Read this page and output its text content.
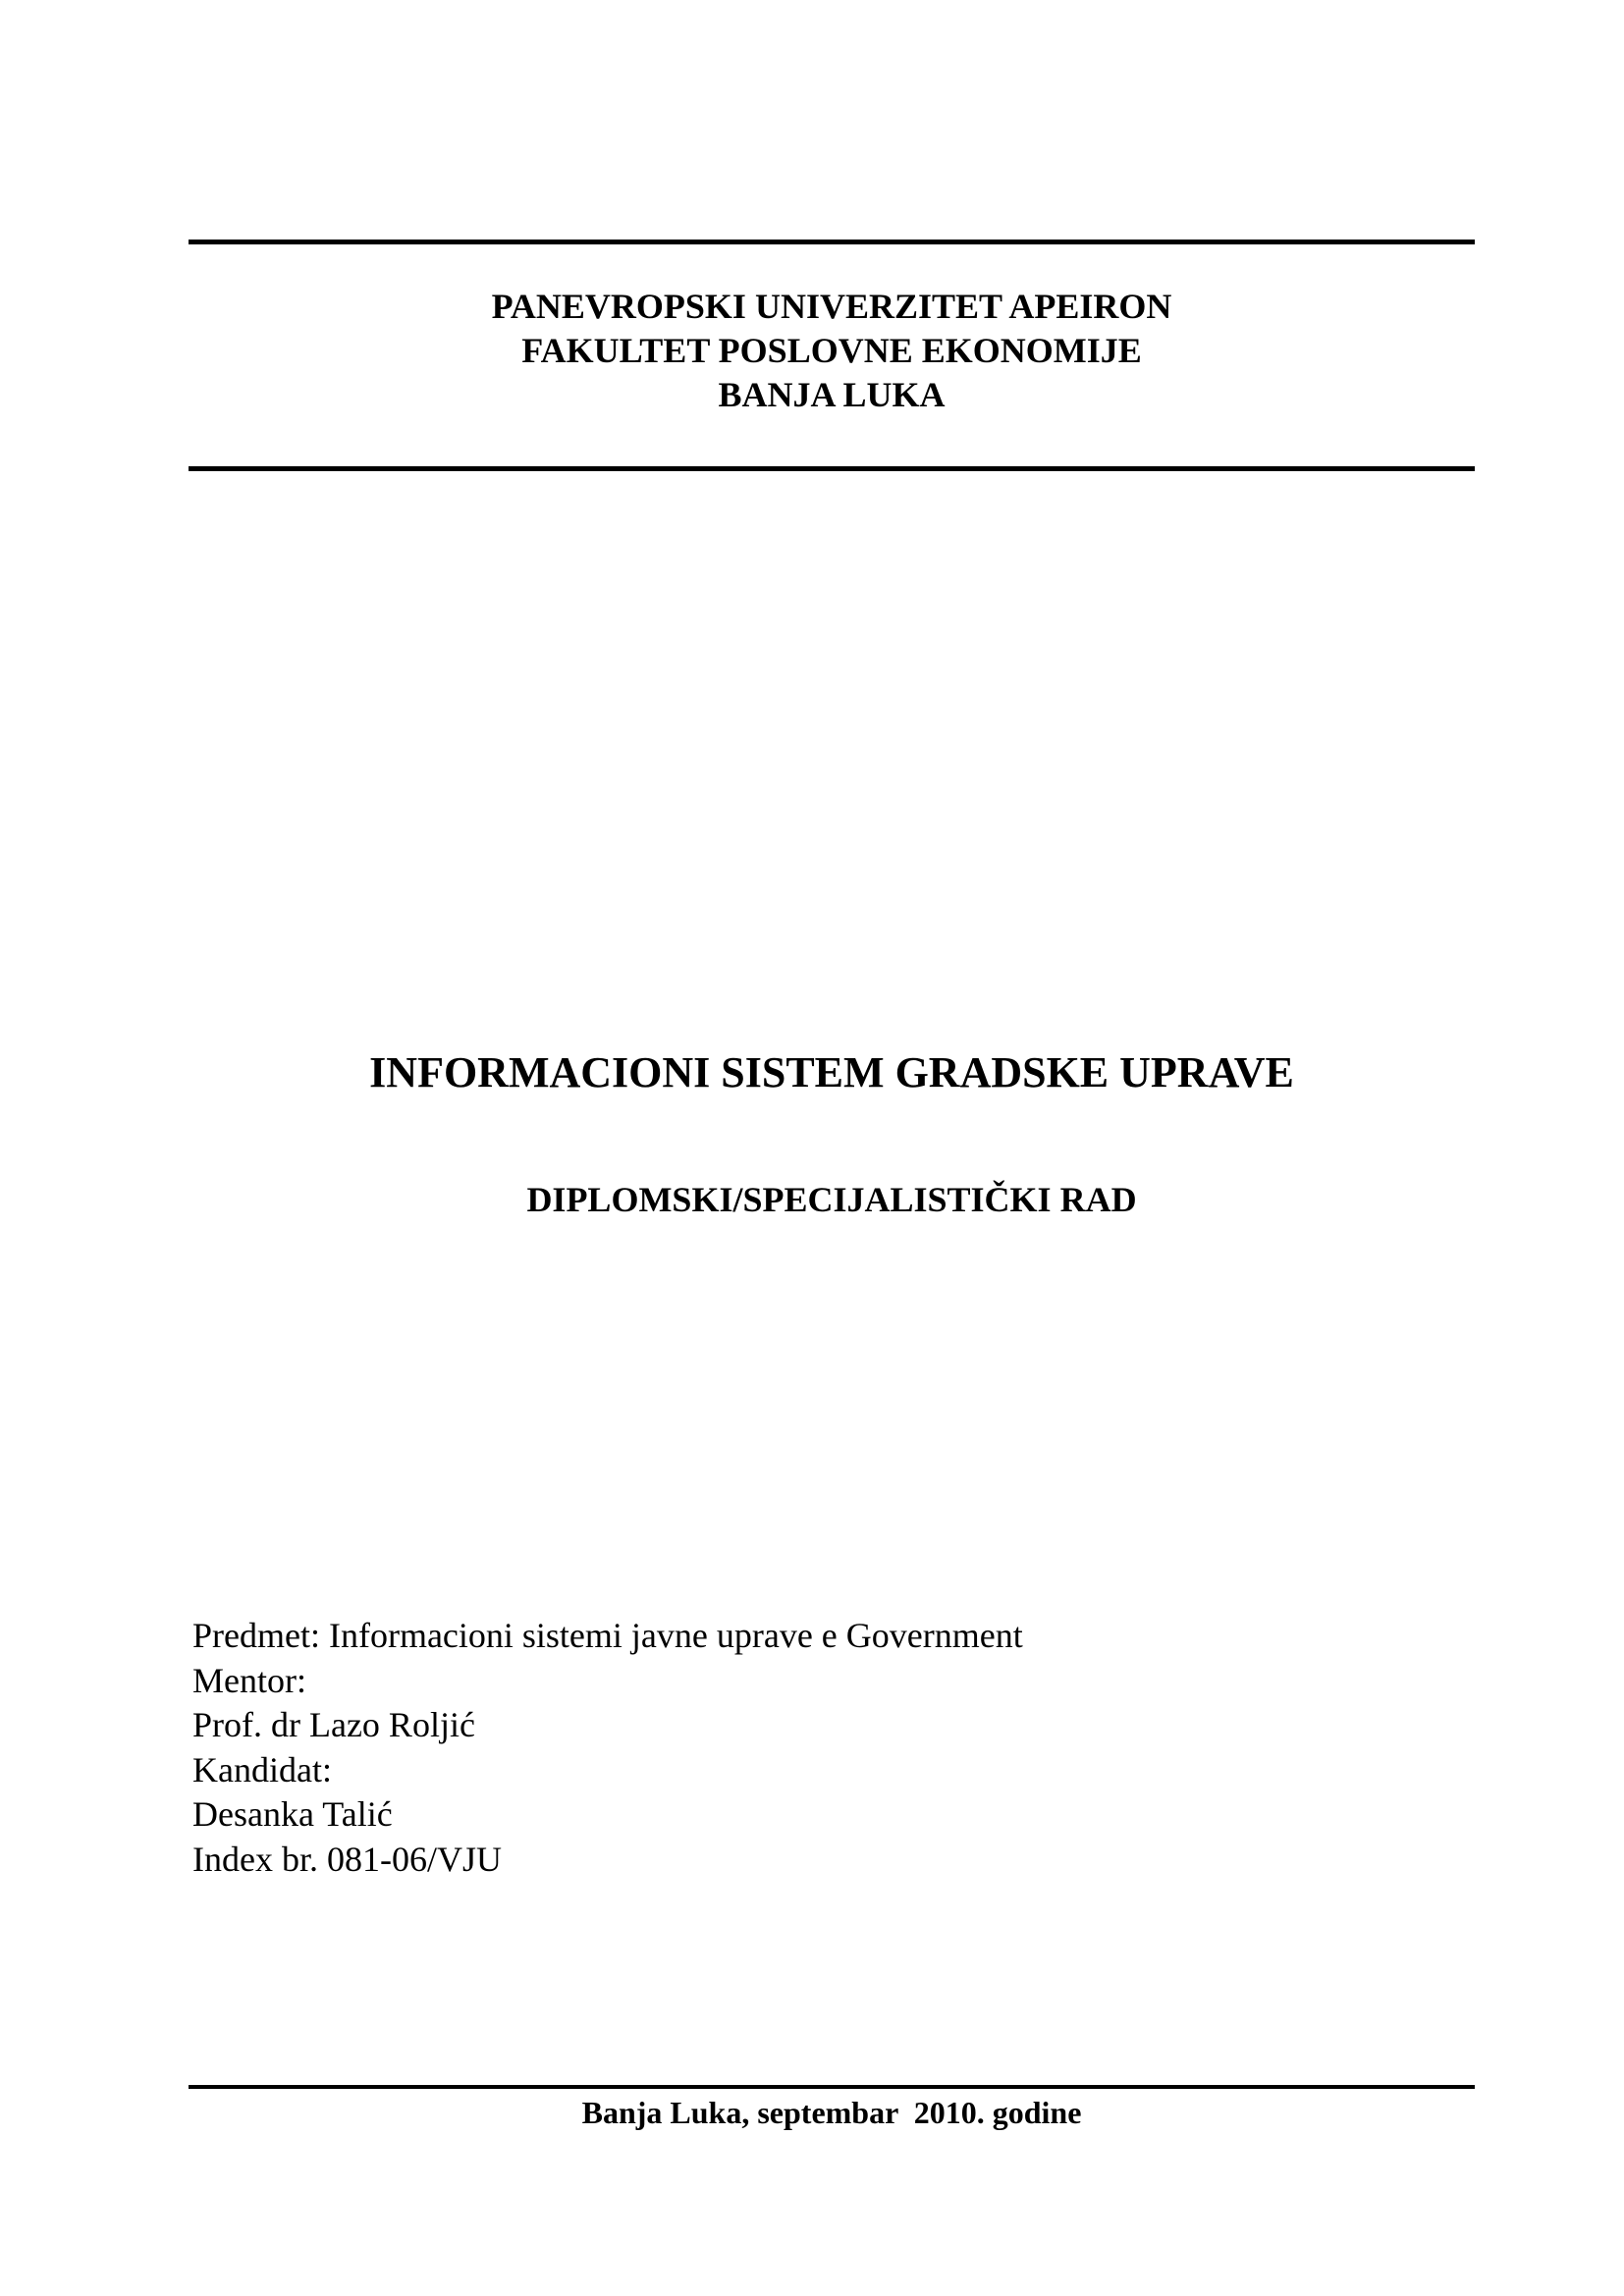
PANEVROPSKI UNIVERZITET APEIRON
FAKULTET POSLOVNE EKONOMIJE
BANJA LUKA
INFORMACIONI SISTEM GRADSKE UPRAVE
DIPLOMSKI/SPECIJALISTIČKI RAD
Predmet: Informacioni sistemi javne uprave e Government
Mentor:
Prof. dr Lazo Roljić
Kandidat:
Desanka Talić
Index br. 081-06/VJU
Banja Luka, septembar  2010. godine
